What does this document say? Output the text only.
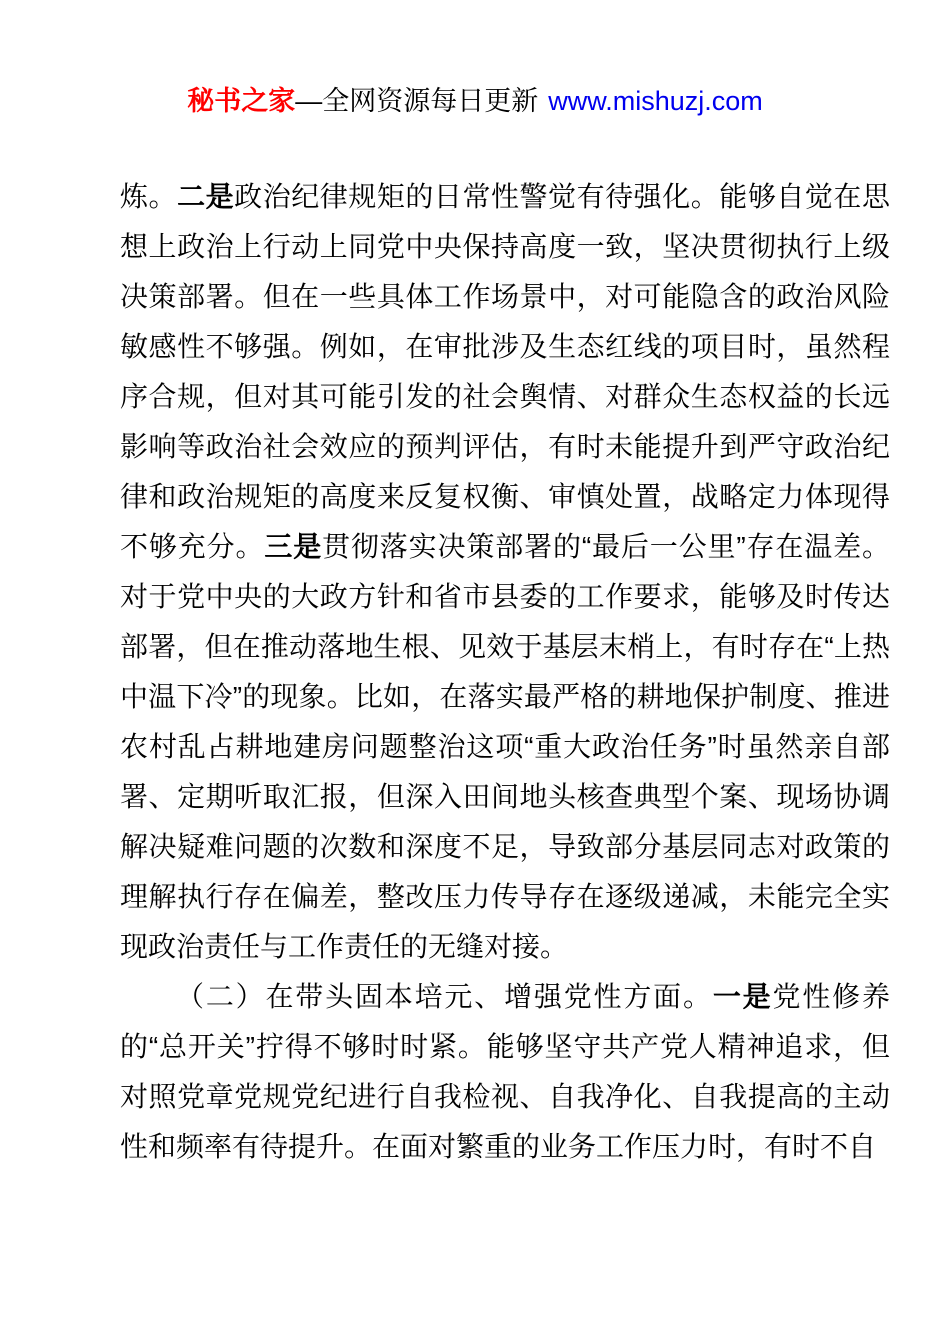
秘书之家—全网资源每日更新 www.mishuzj.com

炼。二是政治纪律规矩的日常性警觉有待强化。能够自觉在思想上政治上行动上同党中央保持高度一致，坚决贯彻执行上级决策部署。但在一些具体工作场景中，对可能隐含的政治风险敏感性不够强。例如，在审批涉及生态红线的项目时，虽然程序合规，但对其可能引发的社会舆情、对群众生态权益的长远影响等政治社会效应的预判评估，有时未能提升到严守政治纪律和政治规矩的高度来反复权衡、审慎处置，战略定力体现得不够充分。三是贯彻落实决策部署的“最后一公里”存在温差。对于党中央的大政方针和省市县委的工作要求，能够及时传达部署，但在推动落地生根、见效于基层末梢上，有时存在“上热中温下冷”的现象。比如，在落实最严格的耕地保护制度、推进农村乱占耕地建房问题整治这项“重大政治任务”时虽然亲自部署、定期听取汇报，但深入田间地头核查典型个案、现场协调解决疑难问题的次数和深度不足，导致部分基层同志对政策的理解执行存在偏差，整改压力传导存在逐级递减，未能完全实现政治责任与工作责任的无缝对接。

（二）在带头固本培元、增强党性方面。一是党性修养的“总开关”拧得不够时时紧。能够坚守共产党人精神追求，但对照党章党规党纪进行自我检视、自我净化、自我提高的主动性和频率有待提升。在面对繁重的业务工作压力时，有时不自
